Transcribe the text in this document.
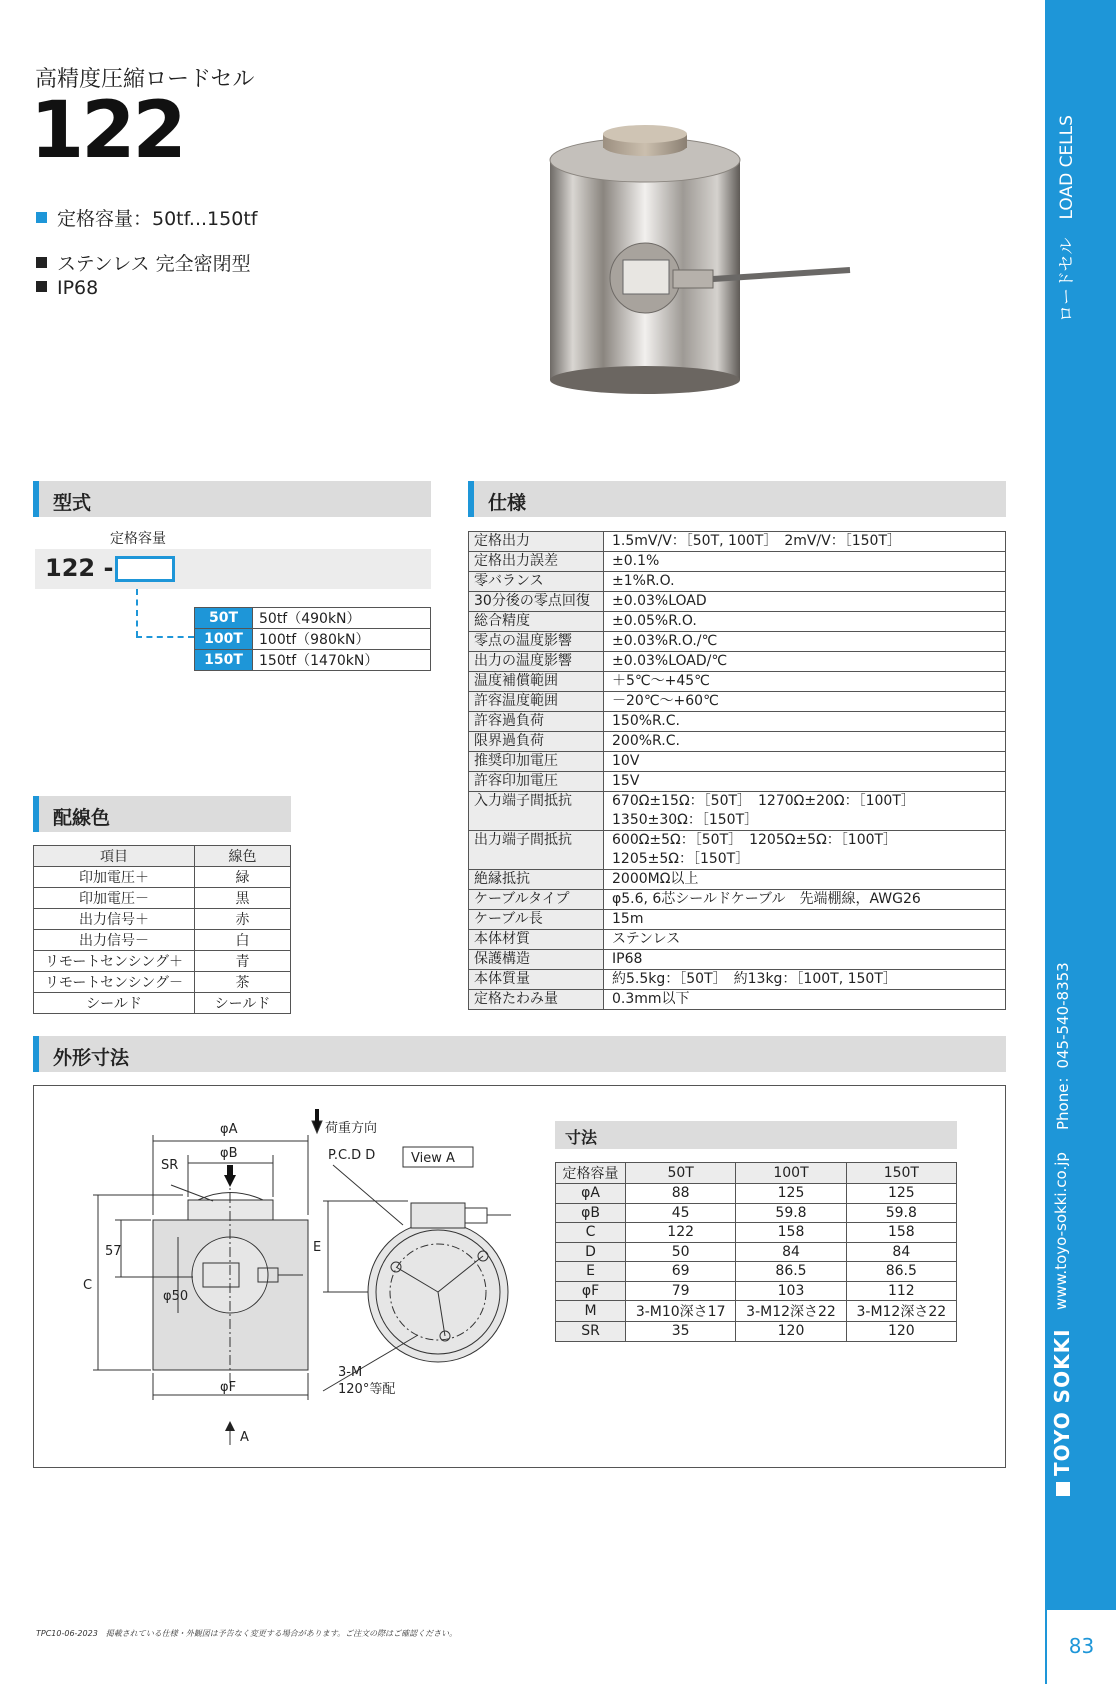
ロードセルLOAD CELLS
Phone：045-540-8353
www.toyo-sokki.co.jp
TOYO SOKKI
83
高精度圧縮ロードセル
122
定格容量：50tf...150tf
ステンレス 完全密閉型
IP68
型式
定格容量
122 -
50T	50tf（490kN）
100T	100tf（980kN）
150T	150tf（1470kN）
配線色
項目	線色
印加電圧＋	緑
印加電圧－	黒
出力信号＋	赤
出力信号－	白
リモートセンシング＋	青
リモートセンシング－	茶
シールド	シールド
仕様
定格出力	1.5mV/V：［50T, 100T］　2mV/V：［150T］
定格出力誤差	±0.1%
零バランス	±1%R.O.
30分後の零点回復	±0.03%LOAD
総合精度	±0.05%R.O.
零点の温度影響	±0.03%R.O./℃
出力の温度影響	±0.03%LOAD/℃
温度補償範囲	＋5℃～+45℃
許容温度範囲	－20℃～+60℃
許容過負荷	150%R.C.
限界過負荷	200%R.C.
推奨印加電圧	10V
許容印加電圧	15V
入力端子間抵抗	670Ω±15Ω：［50T］　1270Ω±20Ω：［100T］
1350±30Ω：［150T］

出力端子間抵抗	600Ω±5Ω：［50T］　1205Ω±5Ω：［100T］
1205±5Ω：［150T］

絶縁抵抗	2000MΩ以上
ケーブルタイプ	φ5.6, 6芯シールドケーブル　先端棚線，AWG26
ケーブル長	15m
本体材質	ステンレス
保護構造	IP68
本体質量	約5.5kg：［50T］　約13kg：［100T, 150T］
定格たわみ量	0.3mm以下
外形寸法
φA
φB
SR
C
57
φ50
φF
A
荷重方向
View A
P.C.D D
E
3-M
120°等配
寸法
定格容量	50T	100T	150T
φA	88	125	125
φB	45	59.8	59.8
C	122	158	158
D	50	84	84
E	69	86.5	86.5
φF	79	103	112
M	3-M10深さ17	3-M12深さ22	3-M12深さ22
SR	35	120	120
TPC10-06-2023　掲載されている仕様・外観図は予告なく変更する場合があります。ご注文の際はご確認ください。
